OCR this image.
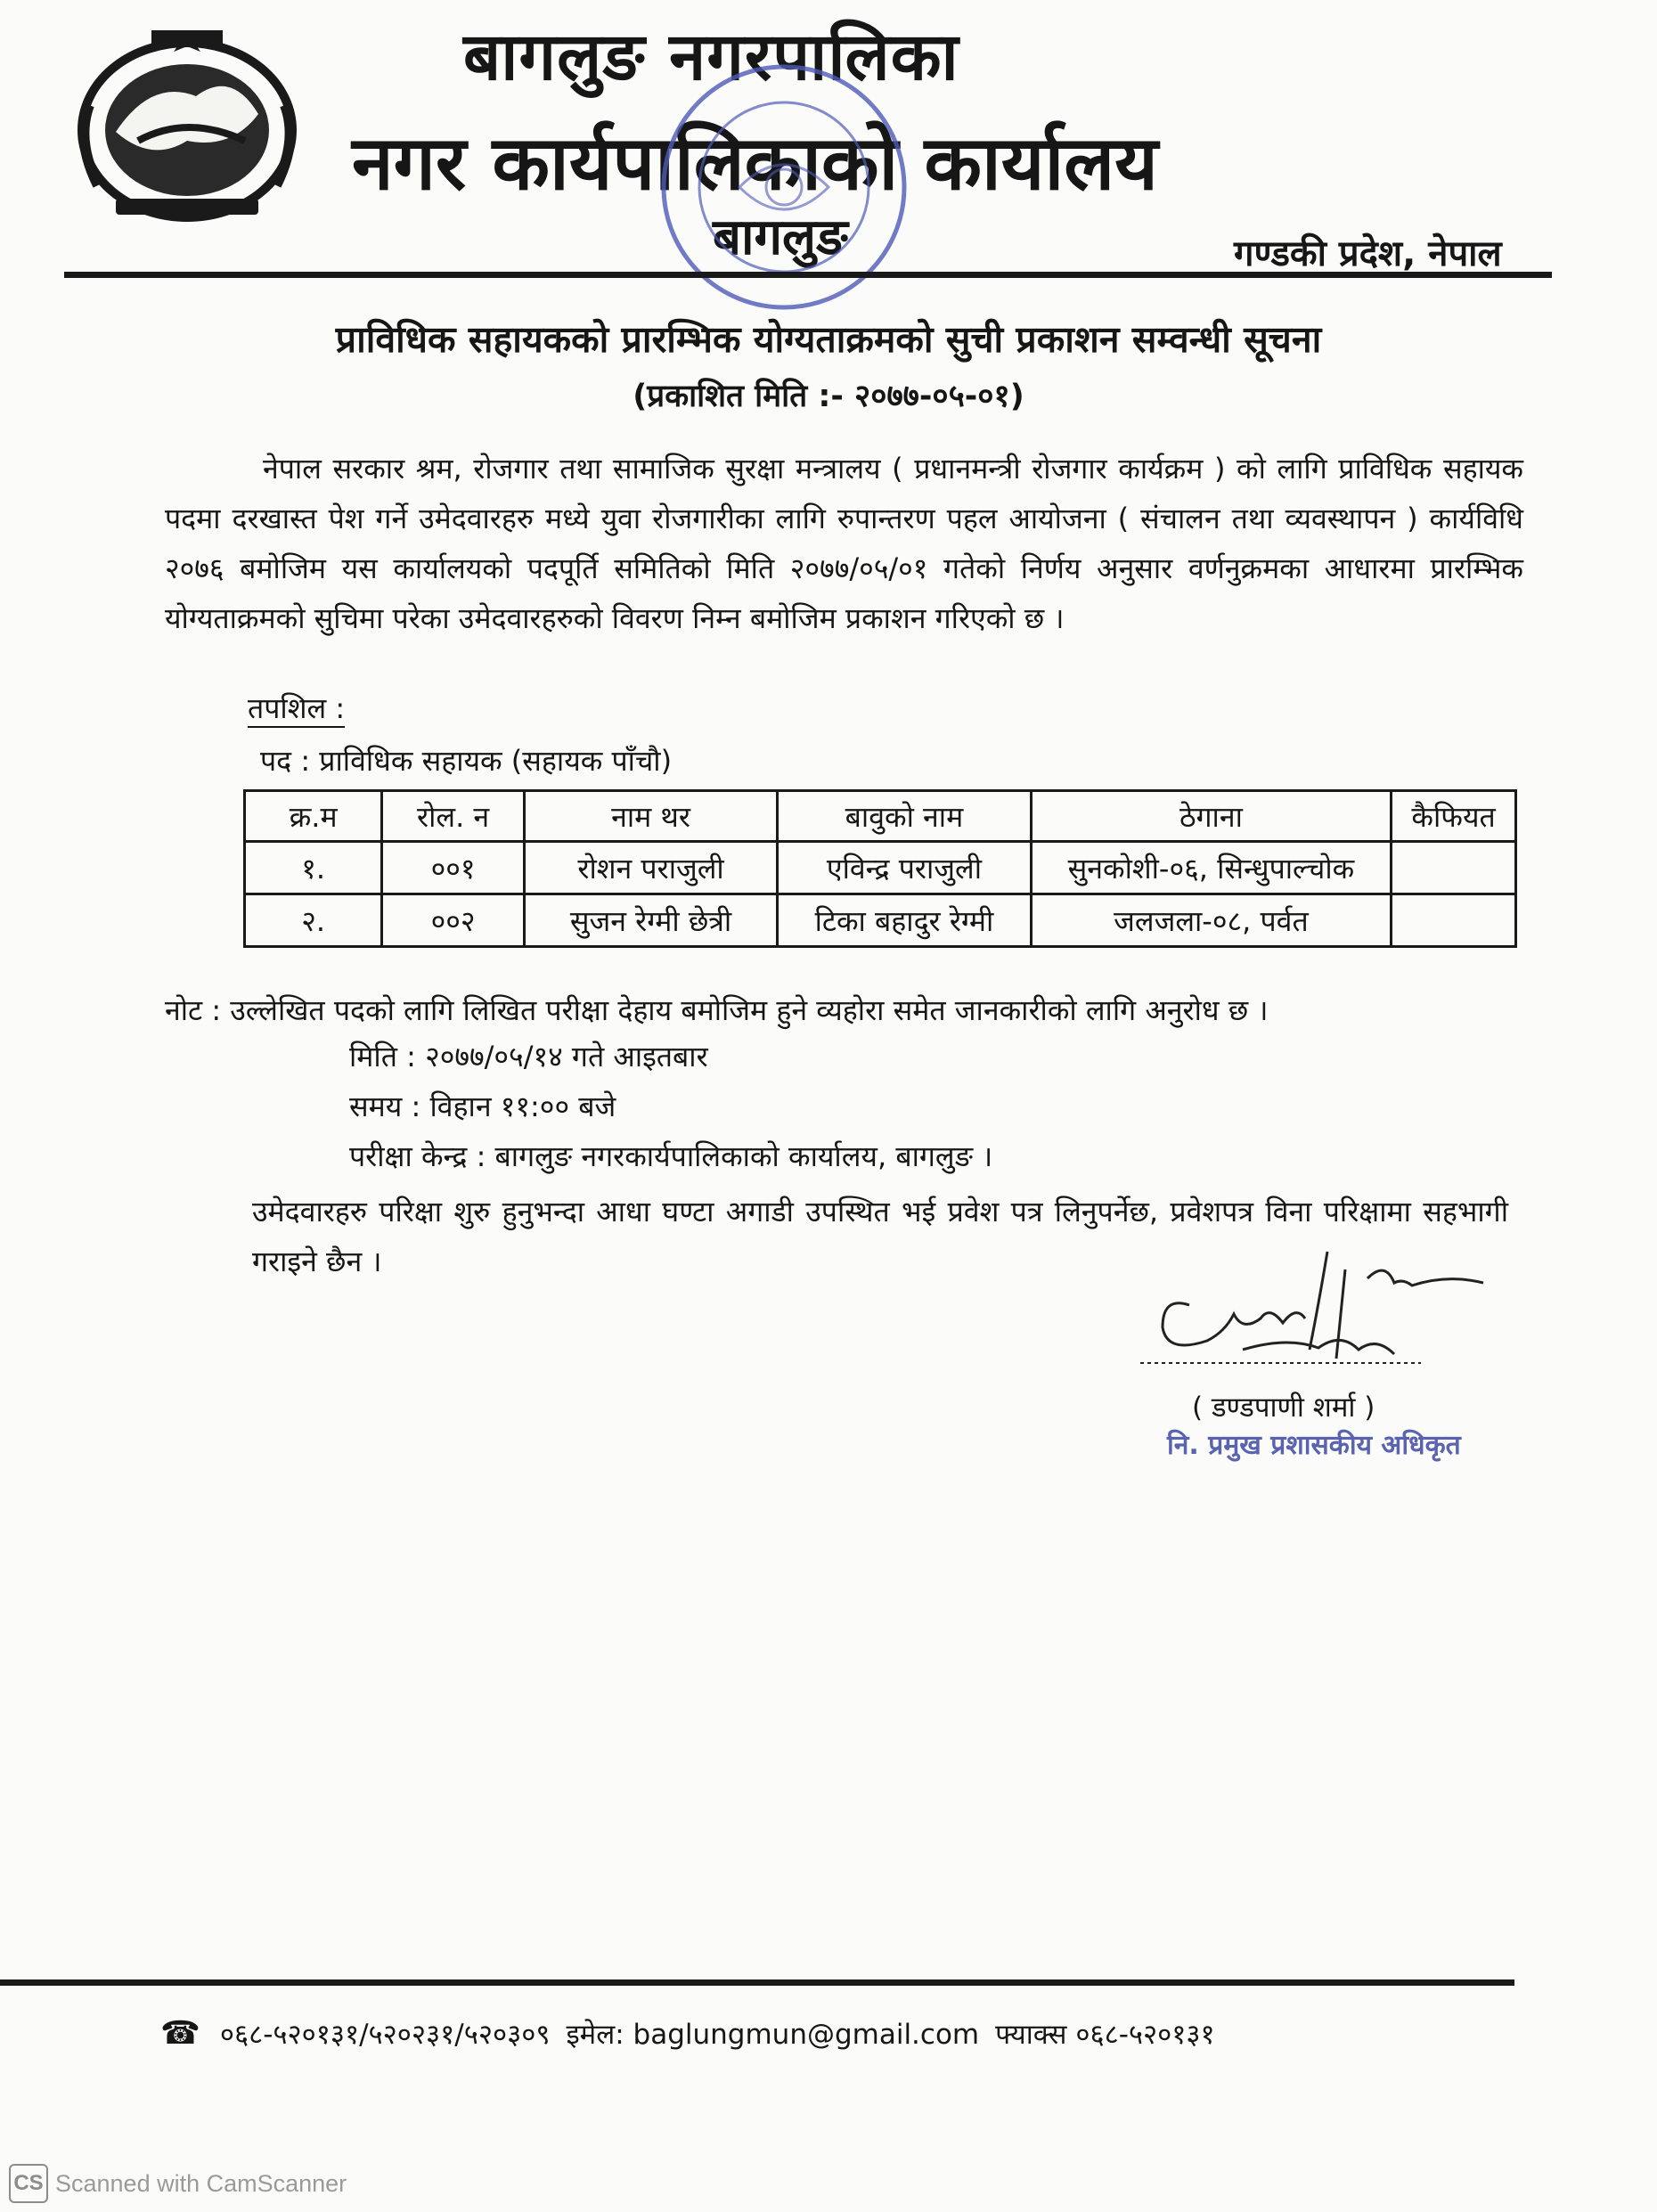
बागलुङ नगरपालिका
नगर कार्यपालिकाको कार्यालय
बागलुङ	गण्डकी प्रदेश, नेपाल
प्राविधिक सहायकको प्रारम्भिक योग्यताक्रमको सुची प्रकाशन सम्वन्धी सूचना
(प्रकाशित मिति :- २०७७-०५-०१)
नेपाल सरकार श्रम, रोजगार तथा सामाजिक सुरक्षा मन्त्रालय ( प्रधानमन्त्री रोजगार कार्यक्रम ) को लागि प्राविधिक सहायक पदमा दरखास्त पेश गर्ने उमेदवारहरु मध्ये युवा रोजगारीका लागि रुपान्तरण पहल आयोजना ( संचालन तथा व्यवस्थापन ) कार्यविधि २०७६ बमोजिम यस कार्यालयको पदपूर्ति समितिको मिति २०७७/०५/०१ गतेको निर्णय अनुसार वर्णनुक्रमका आधारमा प्रारम्भिक योग्यताक्रमको सुचिमा परेका उमेदवारहरुको विवरण निम्न बमोजिम प्रकाशन गरिएको छ ।
तपशिल :
पद : प्राविधिक सहायक (सहायक पाँचौ)
क्र.म	रोल. न	नाम थर	बावुको नाम	ठेगाना	कैफियत
१.	००१	रोशन पराजुली	एविन्द्र पराजुली	सुनकोशी-०६, सिन्धुपाल्चोक	
२.	००२	सुजन रेग्मी छेत्री	टिका बहादुर रेग्मी	जलजला-०८, पर्वत	
नोट : उल्लेखित पदको लागि लिखित परीक्षा देहाय बमोजिम हुने व्यहोरा समेत जानकारीको लागि अनुरोध छ ।
मिति : २०७७/०५/१४ गते आइतबार
समय : विहान ११:०० बजे
परीक्षा केन्द्र : बागलुङ नगरकार्यपालिकाको कार्यालय, बागलुङ ।
उमेदवारहरु परिक्षा शुरु हुनुभन्दा आधा घण्टा अगाडी उपस्थित भई प्रवेश पत्र लिनुपर्नेछ, प्रवेशपत्र विना परिक्षामा सहभागी गराइने छैन ।
( डण्डपाणी शर्मा )
नि. प्रमुख प्रशासकीय अधिकृत
☎ ०६८-५२०१३१/५२०२३१/५२०३०९ इमेल: baglungmun@gmail.com फ्याक्स ०६८-५२०१३१
CS Scanned with CamScanner
